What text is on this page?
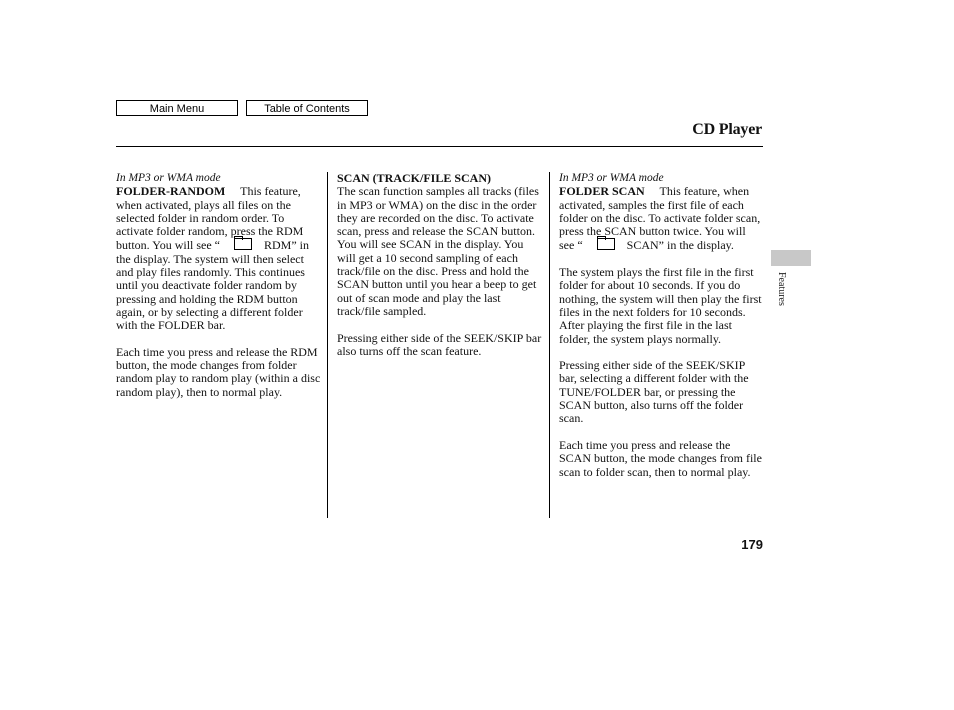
Main Menu	Table of Contents
CD Player
In MP3 or WMA mode

FOLDER-RANDOM This feature, when activated, plays all files on the selected folder in random order. To activate folder random, press the RDM button. You will see “	RDM” in the display. The system will then select and play files randomly. This continues until you deactivate folder random by pressing and holding the RDM button again, or by selecting a different folder with the FOLDER bar.

Each time you press and release the RDM button, the mode changes from folder random play to random play (within a disc random play), then to normal play.

SCAN (TRACK/FILE SCAN)

The scan function samples all tracks (files in MP3 or WMA) on the disc in the order they are recorded on the disc. To activate scan, press and release the SCAN button. You will see SCAN in the display. You will get a 10 second sampling of each track/file on the disc. Press and hold the SCAN button until you hear a beep to get out of scan mode and play the last track/file sampled.

Pressing either side of the SEEK/SKIP bar also turns off the scan feature.

In MP3 or WMA mode

FOLDER SCAN This feature, when activated, samples the first file of each folder on the disc. To activate folder scan, press the SCAN button twice. You will see “	SCAN” in the display.

The system plays the first file in the first folder for about 10 seconds. If you do nothing, the system will then play the first files in the next folders for 10 seconds. After playing the first file in the last folder, the system plays normally.

Pressing either side of the SEEK/SKIP bar, selecting a different folder with the TUNE/FOLDER bar, or pressing the SCAN button, also turns off the folder scan.

Each time you press and release the SCAN button, the mode changes from file scan to folder scan, then to normal play.

Features
179
